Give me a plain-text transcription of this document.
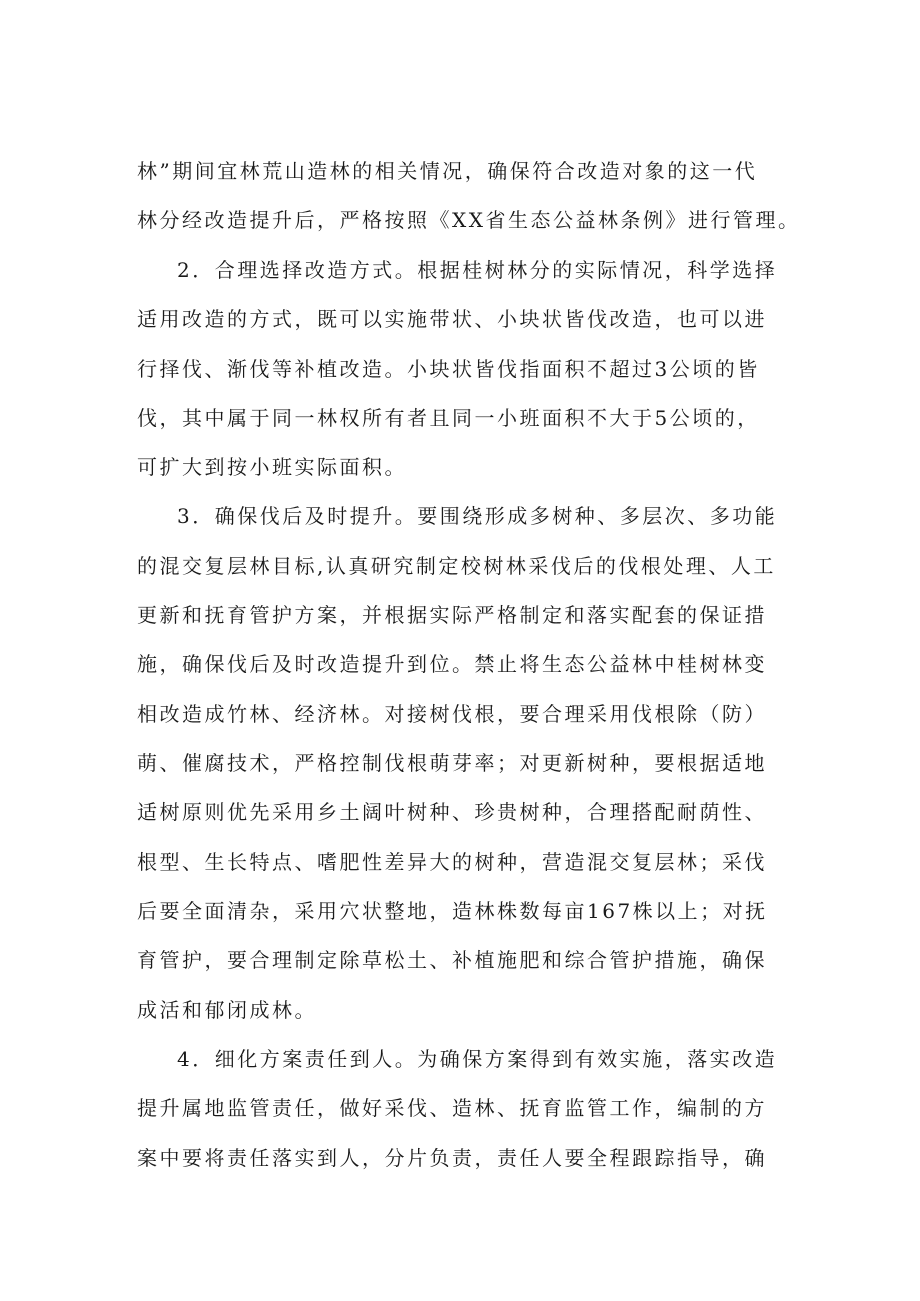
林”期间宜林荒山造林的相关情况，确保符合改造对象的这一代
林分经改造提升后，严格按照《XX省生态公益林条例》进行管理。
2．合理选择改造方式。根据桂树林分的实际情况，科学选择
适用改造的方式，既可以实施带状、小块状皆伐改造，也可以进
行择伐、渐伐等补植改造。小块状皆伐指面积不超过3公顷的皆
伐，其中属于同一林权所有者且同一小班面积不大于5公顷的，
可扩大到按小班实际面积。
3．确保伐后及时提升。要围绕形成多树种、多层次、多功能
的混交复层林目标,认真研究制定校树林采伐后的伐根处理、人工
更新和抚育管护方案，并根据实际严格制定和落实配套的保证措
施，确保伐后及时改造提升到位。禁止将生态公益林中桂树林变
相改造成竹林、经济林。对接树伐根，要合理采用伐根除（防）
萌、催腐技术，严格控制伐根萌芽率；对更新树种，要根据适地
适树原则优先采用乡土阔叶树种、珍贵树种，合理搭配耐荫性、
根型、生长特点、嗜肥性差异大的树种，营造混交复层林；采伐
后要全面清杂，采用穴状整地，造林株数每亩167株以上；对抚
育管护，要合理制定除草松土、补植施肥和综合管护措施，确保
成活和郁闭成林。
4．细化方案责任到人。为确保方案得到有效实施，落实改造
提升属地监管责任，做好采伐、造林、抚育监管工作，编制的方
案中要将责任落实到人，分片负责，责任人要全程跟踪指导，确
